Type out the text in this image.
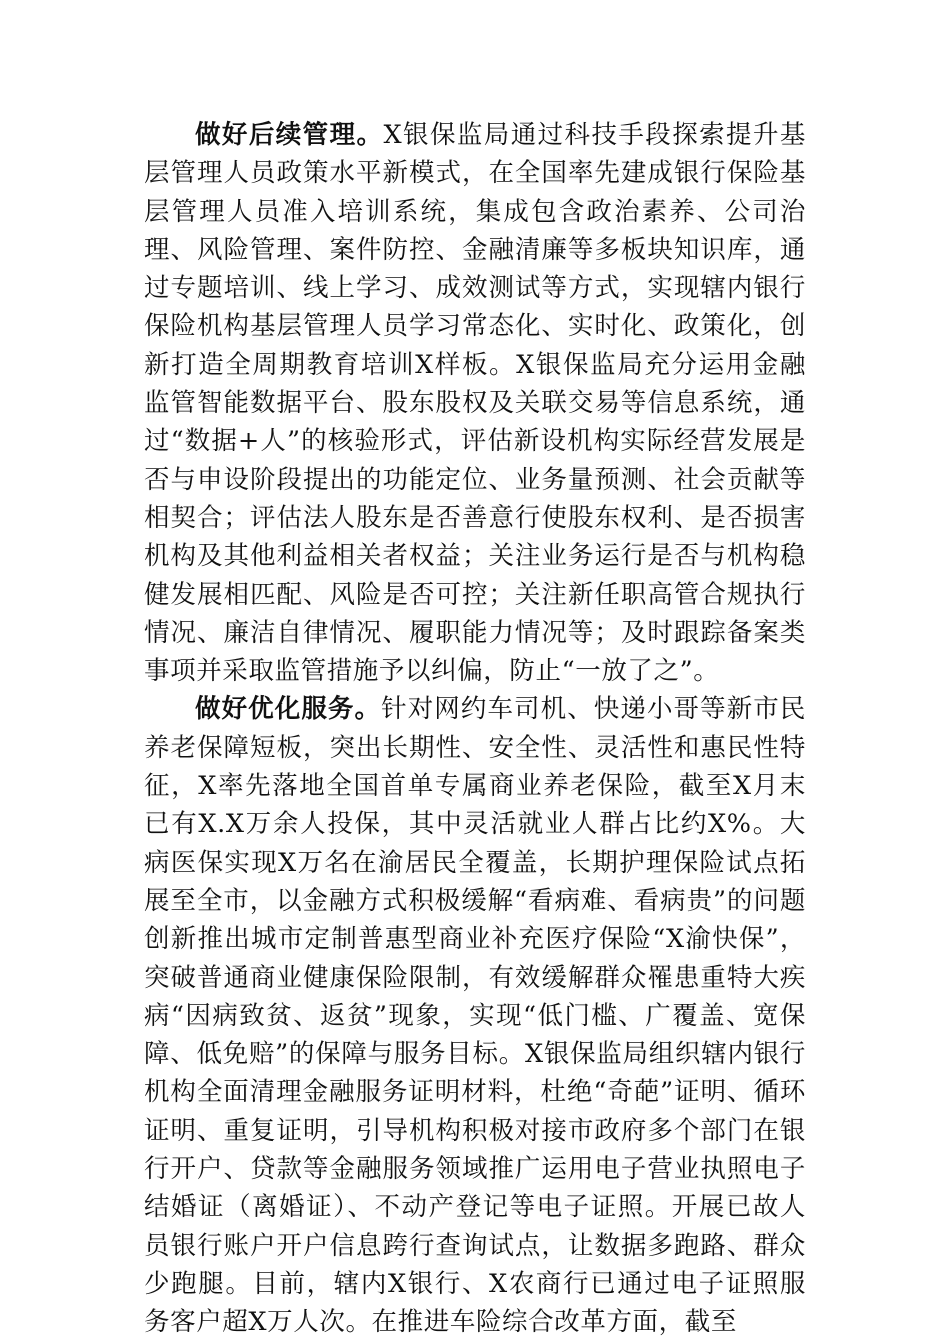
做好后续管理。X银保监局通过科技手段探索提升基层管理人员政策水平新模式，在全国率先建成银行保险基层管理人员准入培训系统，集成包含政治素养、公司治理、风险管理、案件防控、金融清廉等多板块知识库，通过专题培训、线上学习、成效测试等方式，实现辖内银行保险机构基层管理人员学习常态化、实时化、政策化，创新打造全周期教育培训X样板。X银保监局充分运用金融监管智能数据平台、股东股权及关联交易等信息系统，通过“数据+人”的核验形式，评估新设机构实际经营发展是否与申设阶段提出的功能定位、业务量预测、社会贡献等相契合；评估法人股东是否善意行使股东权利、是否损害机构及其他利益相关者权益；关注业务运行是否与机构稳健发展相匹配、风险是否可控；关注新任职高管合规执行情况、廉洁自律情况、履职能力情况等；及时跟踪备案类事项并采取监管措施予以纠偏，防止“一放了之”。

做好优化服务。针对网约车司机、快递小哥等新市民养老保障短板，突出长期性、安全性、灵活性和惠民性特征，X率先落地全国首单专属商业养老保险，截至X月末已有X.X万余人投保，其中灵活就业人群占比约X%。大病医保实现X万名在渝居民全覆盖，长期护理保险试点拓展至全市，以金融方式积极缓解“看病难、看病贵”的问题创新推出城市定制普惠型商业补充医疗保险“X渝快保”，突破普通商业健康保险限制，有效缓解群众罹患重特大疾病“因病致贫、返贫”现象，实现“低门槛、广覆盖、宽保障、低免赔”的保障与服务目标。X银保监局组织辖内银行机构全面清理金融服务证明材料，杜绝“奇葩”证明、循环证明、重复证明，引导机构积极对接市政府多个部门在银行开户、贷款等金融服务领域推广运用电子营业执照电子结婚证（离婚证）、不动产登记等电子证照。开展已故人员银行账户开户信息跨行查询试点，让数据多跑路、群众少跑腿。目前，辖内X银行、X农商行已通过电子证照服务客户超X万人次。在推进车险综合改革方面，截至
